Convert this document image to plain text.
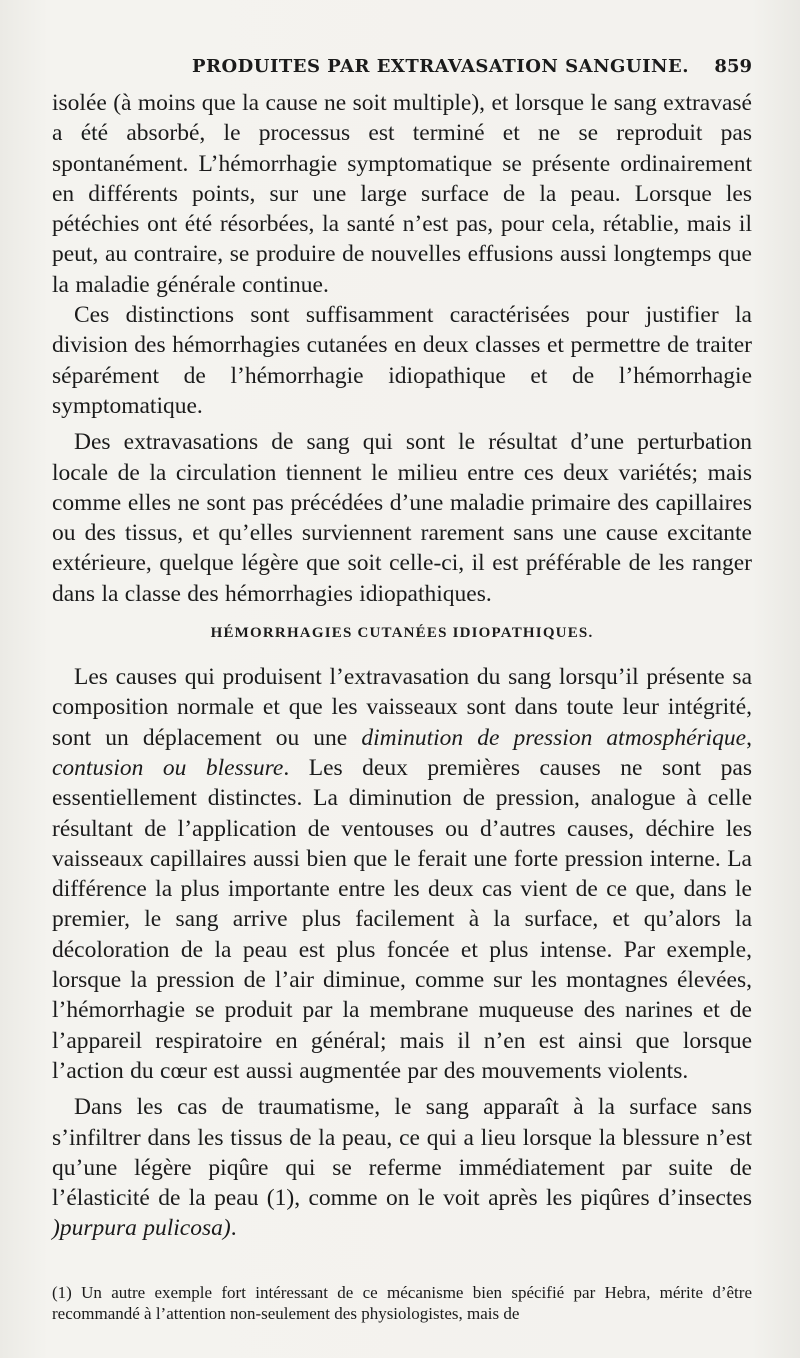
PRODUITES PAR EXTRAVASATION SANGUINE. 859

isolée (à moins que la cause ne soit multiple), et lorsque le sang extravasé a été absorbé, le processus est terminé et ne se reproduit pas spontanément. L’hémorrhagie symptomatique se présente ordinairement en différents points, sur une large surface de la peau. Lorsque les pétéchies ont été résorbées, la santé n’est pas, pour cela, rétablie, mais il peut, au contraire, se produire de nouvelles effusions aussi longtemps que la maladie générale continue.

Ces distinctions sont suffisamment caractérisées pour justifier la division des hémorrhagies cutanées en deux classes et permettre de traiter séparément de l’hémorrhagie idiopathique et de l’hémorrhagie symptomatique.

Des extravasations de sang qui sont le résultat d’une perturbation locale de la circulation tiennent le milieu entre ces deux variétés; mais comme elles ne sont pas précédées d’une maladie primaire des capillaires ou des tissus, et qu’elles surviennent rarement sans une cause excitante extérieure, quelque légère que soit celle-ci, il est préférable de les ranger dans la classe des hémorrhagies idiopathiques.

HÉMORRHAGIES CUTANÉES IDIOPATHIQUES.

Les causes qui produisent l’extravasation du sang lorsqu’il présente sa composition normale et que les vaisseaux sont dans toute leur intégrité, sont un déplacement ou une diminution de pression atmosphérique, contusion ou blessure. Les deux premières causes ne sont pas essentiellement distinctes. La diminution de pression, analogue à celle résultant de l’application de ventouses ou d’autres causes, déchire les vaisseaux capillaires aussi bien que le ferait une forte pression interne. La différence la plus importante entre les deux cas vient de ce que, dans le premier, le sang arrive plus facilement à la surface, et qu’alors la décoloration de la peau est plus foncée et plus intense. Par exemple, lorsque la pression de l’air diminue, comme sur les montagnes élevées, l’hémorrhagie se produit par la membrane muqueuse des narines et de l’appareil respiratoire en général; mais il n’en est ainsi que lorsque l’action du cœur est aussi augmentée par des mouvements violents.

Dans les cas de traumatisme, le sang apparaît à la surface sans s’infiltrer dans les tissus de la peau, ce qui a lieu lorsque la blessure n’est qu’une légère piqûre qui se referme immédiatement par suite de l’élasticité de la peau (1), comme on le voit après les piqûres d’insectes )purpura pulicosa).

(1) Un autre exemple fort intéressant de ce mécanisme bien spécifié par Hebra, mérite d’être recommandé à l’attention non-seulement des physiologistes, mais de
